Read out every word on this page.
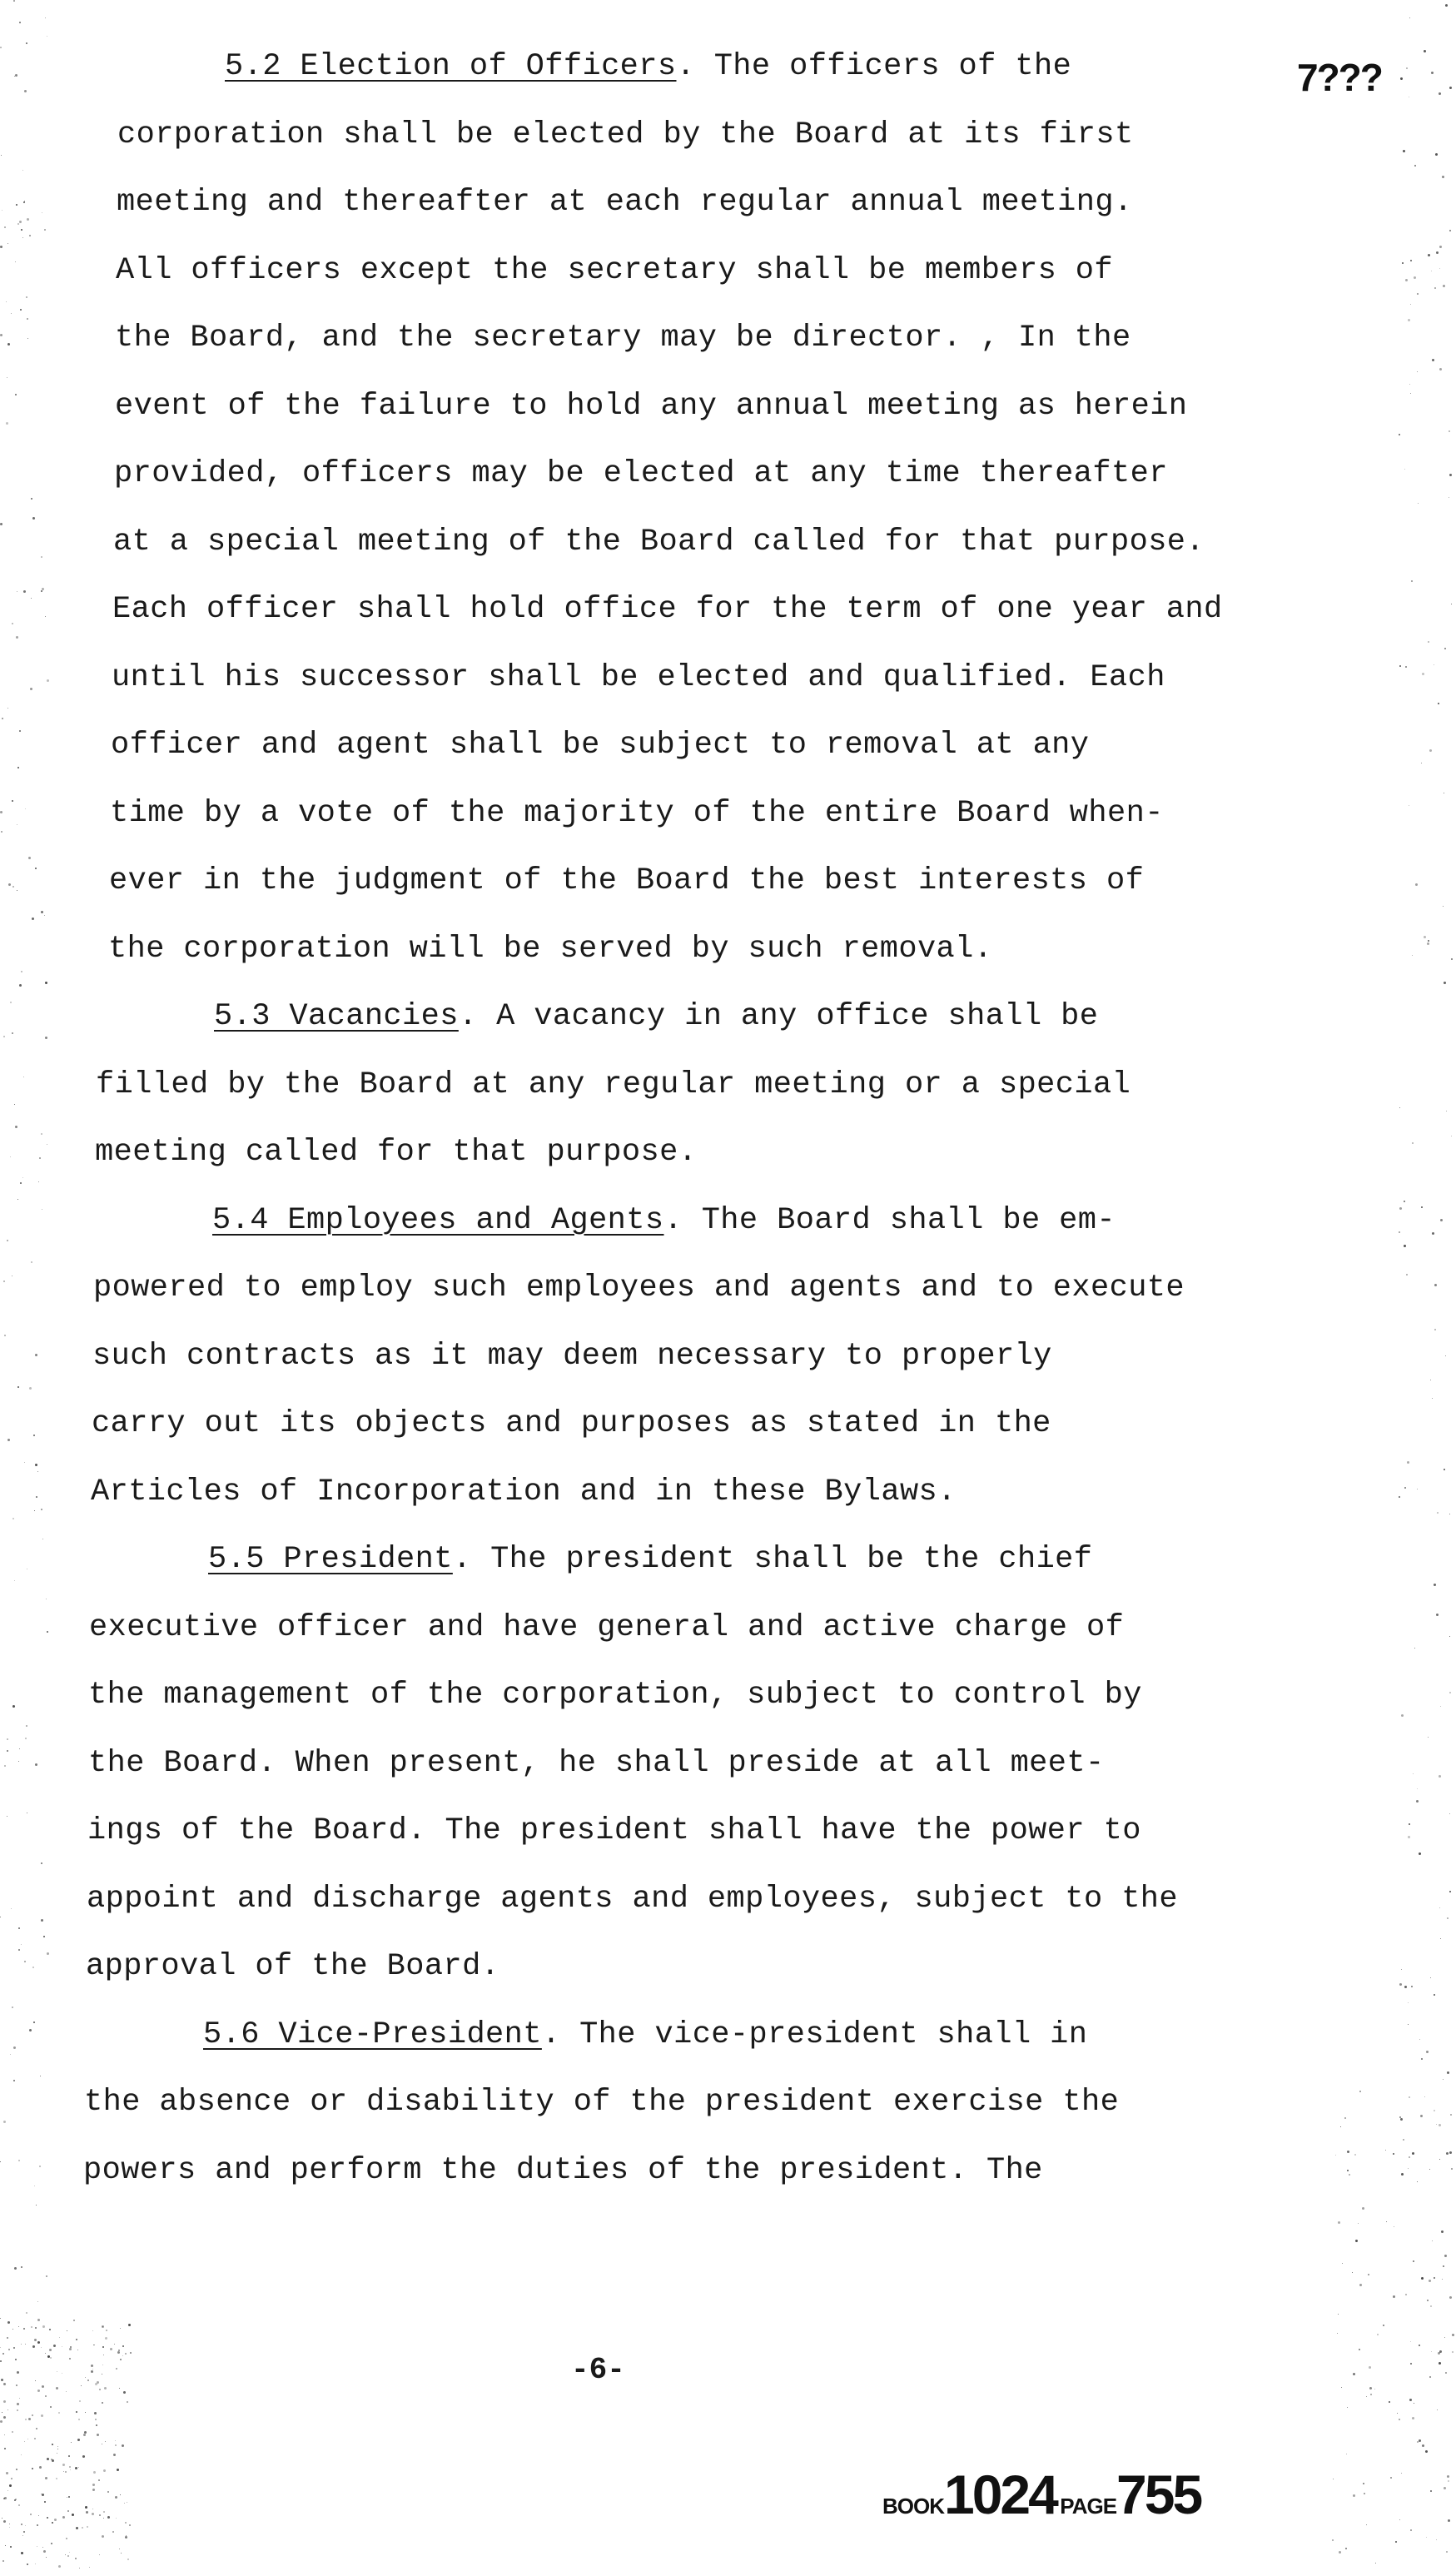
7???
5.2 Election of Officers. The officers of the
corporation shall be elected by the Board at its first
meeting and thereafter at each regular annual meeting.
All officers except the secretary shall be members of
the Board, and the secretary may be director. , In the
event of the failure to hold any annual meeting as herein
provided, officers may be elected at any time thereafter
at a special meeting of the Board called for that purpose.
Each officer shall hold office for the term of one year and
until his successor shall be elected and qualified. Each
officer and agent shall be subject to removal at any
time by a vote of the majority of the entire Board when-
ever in the judgment of the Board the best interests of
the corporation will be served by such removal.
5.3 Vacancies. A vacancy in any office shall be
filled by the Board at any regular meeting or a special
meeting called for that purpose.
5.4 Employees and Agents. The Board shall be em-
powered to employ such employees and agents and to execute
such contracts as it may deem necessary to properly
carry out its objects and purposes as stated in the
Articles of Incorporation and in these Bylaws.
5.5 President. The president shall be the chief
executive officer and have general and active charge of
the management of the corporation, subject to control by
the Board. When present, he shall preside at all meet-
ings of the Board. The president shall have the power to
appoint and discharge agents and employees, subject to the
approval of the Board.
5.6 Vice-President. The vice-president shall in
the absence or disability of the president exercise the
powers and perform the duties of the president. The
-6-
BOOK1024 PAGE755
